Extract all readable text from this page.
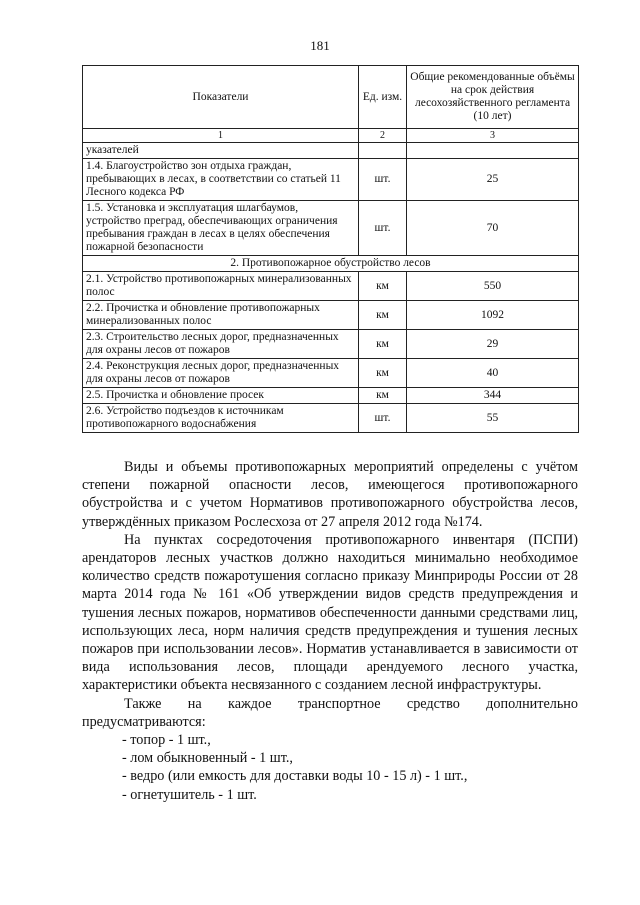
181
Показатели	Ед. изм.	Общие рекомендованные объёмы на срок действия лесохозяйственного регламента (10 лет)
1	2	3
указателей		
1.4. Благоустройство зон отдыха граждан, пребывающих в лесах, в соответствии со статьей 11 Лесного кодекса РФ	шт.	25
1.5. Установка и эксплуатация шлагбаумов, устройство преград, обеспечивающих ограничения пребывания граждан в лесах в целях обеспечения пожарной безопасности	шт.	70
2. Противопожарное обустройство лесов		
2.1. Устройство противопожарных минерализованных полос	км	550
2.2. Прочистка и обновление противопожарных минерализованных полос	км	1092
2.3. Строительство лесных дорог, предназначенных для охраны лесов от пожаров	км	29
2.4. Реконструкция лесных дорог, предназначенных для охраны лесов от пожаров	км	40
2.5. Прочистка и обновление просек	км	344
2.6. Устройство подъездов к источникам противопожарного водоснабжения	шт.	55

Виды и объемы противопожарных мероприятий определены с учётом степени пожарной опасности лесов, имеющегося противопожарного обустройства и с учетом Нормативов противопожарного обустройства лесов, утверждённых приказом Рослесхоза от 27 апреля 2012 года №174.

На пунктах сосредоточения противопожарного инвентаря (ПСПИ) арендаторов лесных участков должно находиться минимально необходимое количество средств пожаротушения согласно приказу Минприроды России от 28 марта 2014 года № 161 «Об утверждении видов средств предупреждения и тушения лесных пожаров, нормативов обеспеченности данными средствами лиц, использующих леса, норм наличия средств предупреждения и тушения лесных пожаров при использовании лесов». Норматив устанавливается в зависимости от вида использования лесов, площади арендуемого лесного участка, характеристики объекта несвязанного с созданием лесной инфраструктуры.

Также на каждое транспортное средство дополнительно предусматриваются:

- топор - 1 шт.,
- лом обыкновенный - 1 шт.,
- ведро (или емкость для доставки воды 10 - 15 л) - 1 шт.,
- огнетушитель - 1 шт.
